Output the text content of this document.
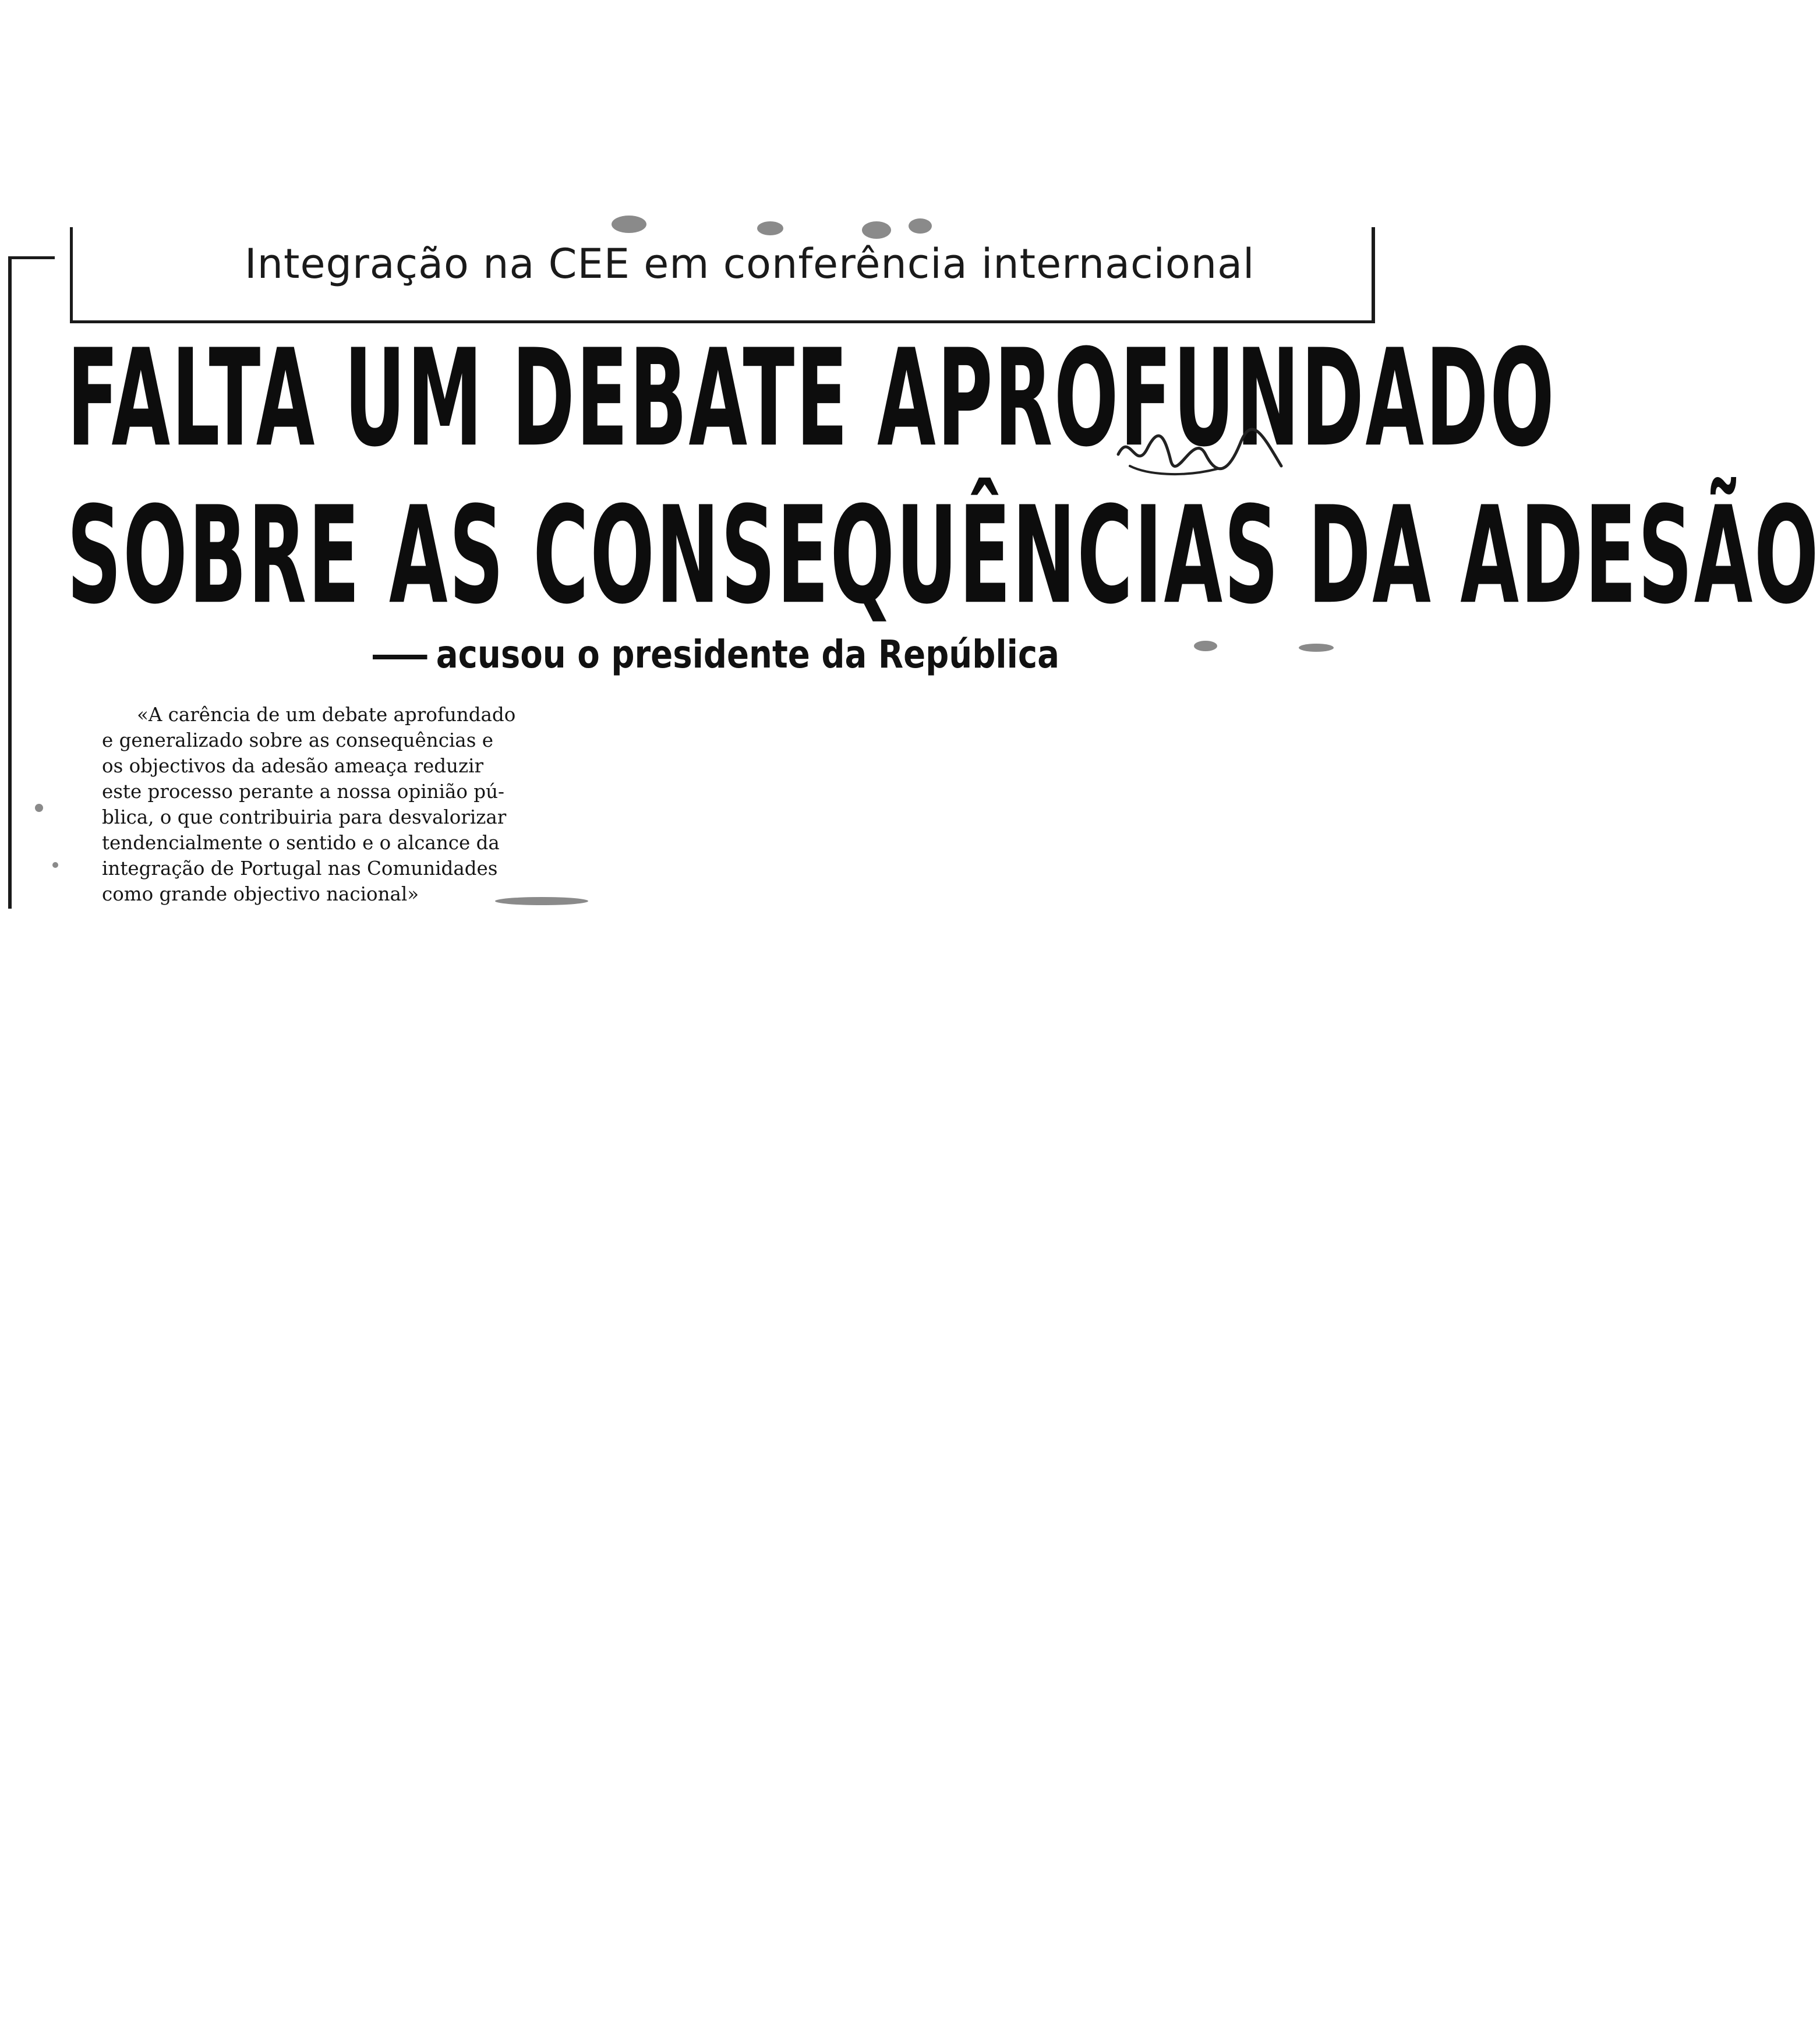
Integração na CEE em conferência internacional
FALTA UM DEBATE APROFUNDADO
SOBRE AS CONSEQUÊNCIAS DA ADESÃO
acusou o presidente da República
«A carência de um debate aprofundado
e generalizado sobre as consequências e
os objectivos da adesão ameaça reduzir
este processo perante a nossa opinião pú-
blica, o que contribuiria para desvalorizar
tendencialmente o sentido e o alcance da
integração de Portugal nas Comunidades
como grande objectivo nacional»
